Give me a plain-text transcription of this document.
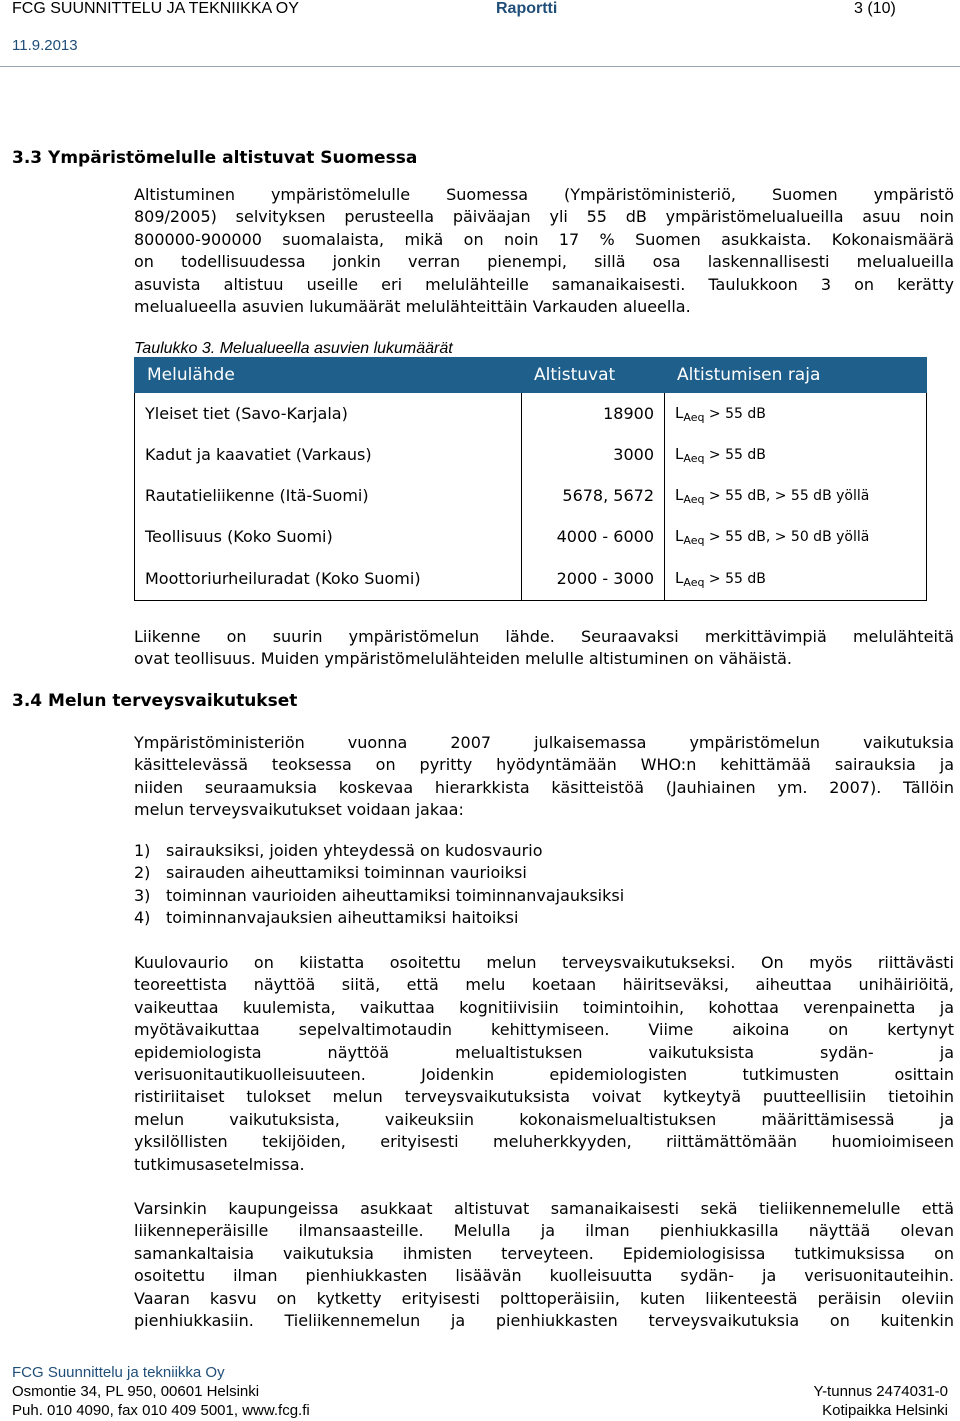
FCG SUUNNITTELU JA TEKNIIKKA OY	Raportti	3 (10)
11.9.2013
3.3 Ympäristömelulle altistuvat Suomessa

Altistuminen ympäristömelulle Suomessa (Ympäristöministeriö, Suomen ympäristö
809/2005) selvityksen perusteella päiväajan yli 55 dB ympäristömelualueilla asuu noin
800000-900000 suomalaista, mikä on noin 17 % Suomen asukkaista. Kokonaismäärä
on todellisuudessa jonkin verran pienempi, sillä osa laskennallisesti melualueilla
asuvista altistuu useille eri melulähteille samanaikaisesti. Taulukkoon 3 on kerätty
melualueella asuvien lukumäärät melulähteittäin Varkauden alueella.

Taulukko 3. Melualueella asuvien lukumäärät
Melulähde	Altistuvat	Altistumisen raja
Yleiset tiet (Savo-Karjala)	18900	$L_{Aeq} > 55$ dB
Kadut ja kaavatiet (Varkaus)	3000	$L_{Aeq} > 55$ dB
Rautatieliikenne (Itä-Suomi)	5678, 5672	$L_{Aeq} > 55$ dB, > 55 dB yöllä
Teollisuus (Koko Suomi)	4000 - 6000	$L_{Aeq} > 55$ dB, > 50 dB yöllä
Moottoriurheiluradat (Koko Suomi)	2000 - 3000	$L_{Aeq} > 55$ dB

Liikenne on suurin ympäristömelun lähde. Seuraavaksi merkittävimpiä melulähteitä
ovat teollisuus. Muiden ympäristömelulähteiden melulle altistuminen on vähäistä.

3.4 Melun terveysvaikutukset

Ympäristöministeriön vuonna 2007 julkaisemassa ympäristömelun vaikutuksia
käsittelevässä teoksessa on pyritty hyödyntämään WHO:n kehittämää sairauksia ja
niiden seuraamuksia koskevaa hierarkkista käsitteistöä (Jauhiainen ym. 2007). Tällöin
melun terveysvaikutukset voidaan jakaa:

1) sairauksiksi, joiden yhteydessä on kudosvaurio
2) sairauden aiheuttamiksi toiminnan vaurioiksi
3) toiminnan vaurioiden aiheuttamiksi toiminnanvajauksiksi
4) toiminnanvajauksien aiheuttamiksi haitoiksi

Kuulovaurio on kiistatta osoitettu melun terveysvaikutukseksi. On myös riittävästi
teoreettista näyttöä siitä, että melu koetaan häiritseväksi, aiheuttaa unihäiriöitä,
vaikeuttaa kuulemista, vaikuttaa kognitiivisiin toimintoihin, kohottaa verenpainetta ja
myötävaikuttaa sepelvaltimotaudin kehittymiseen. Viime aikoina on kertynyt
epidemiologista näyttöä melualtistuksen vaikutuksista sydän- ja
verisuonitautikuolleisuuteen. Joidenkin epidemiologisten tutkimusten osittain
ristiriitaiset tulokset melun terveysvaikutuksista voivat kytkeytyä puutteellisiin tietoihin
melun vaikutuksista, vaikeuksiin kokonaismelualtistuksen määrittämisessä ja
yksilöllisten tekijöiden, erityisesti meluherkkyyden, riittämättömään huomioimiseen
tutkimusasetelmissa.

Varsinkin kaupungeissa asukkaat altistuvat samanaikaisesti sekä tieliikennemelulle että
liikenneperäisille ilmansaasteille. Melulla ja ilman pienhiukkasilla näyttää olevan
samankaltaisia vaikutuksia ihmisten terveyteen. Epidemiologisissa tutkimuksissa on
osoitettu ilman pienhiukkasten lisäävän kuolleisuutta sydän- ja verisuonitauteihin.
Vaaran kasvu on kytketty erityisesti polttoperäisiin, kuten liikenteestä peräisin oleviin
pienhiukkasiin. Tieliikennemelun ja pienhiukkasten terveysvaikutuksia on kuitenkin

FCG Suunnittelu ja tekniikka Oy
Osmontie 34, PL 950, 00601 Helsinki
Puh. 010 4090, fax 010 409 5001, www.fcg.fi
Y-tunnus 2474031-0
Kotipaikka Helsinki
